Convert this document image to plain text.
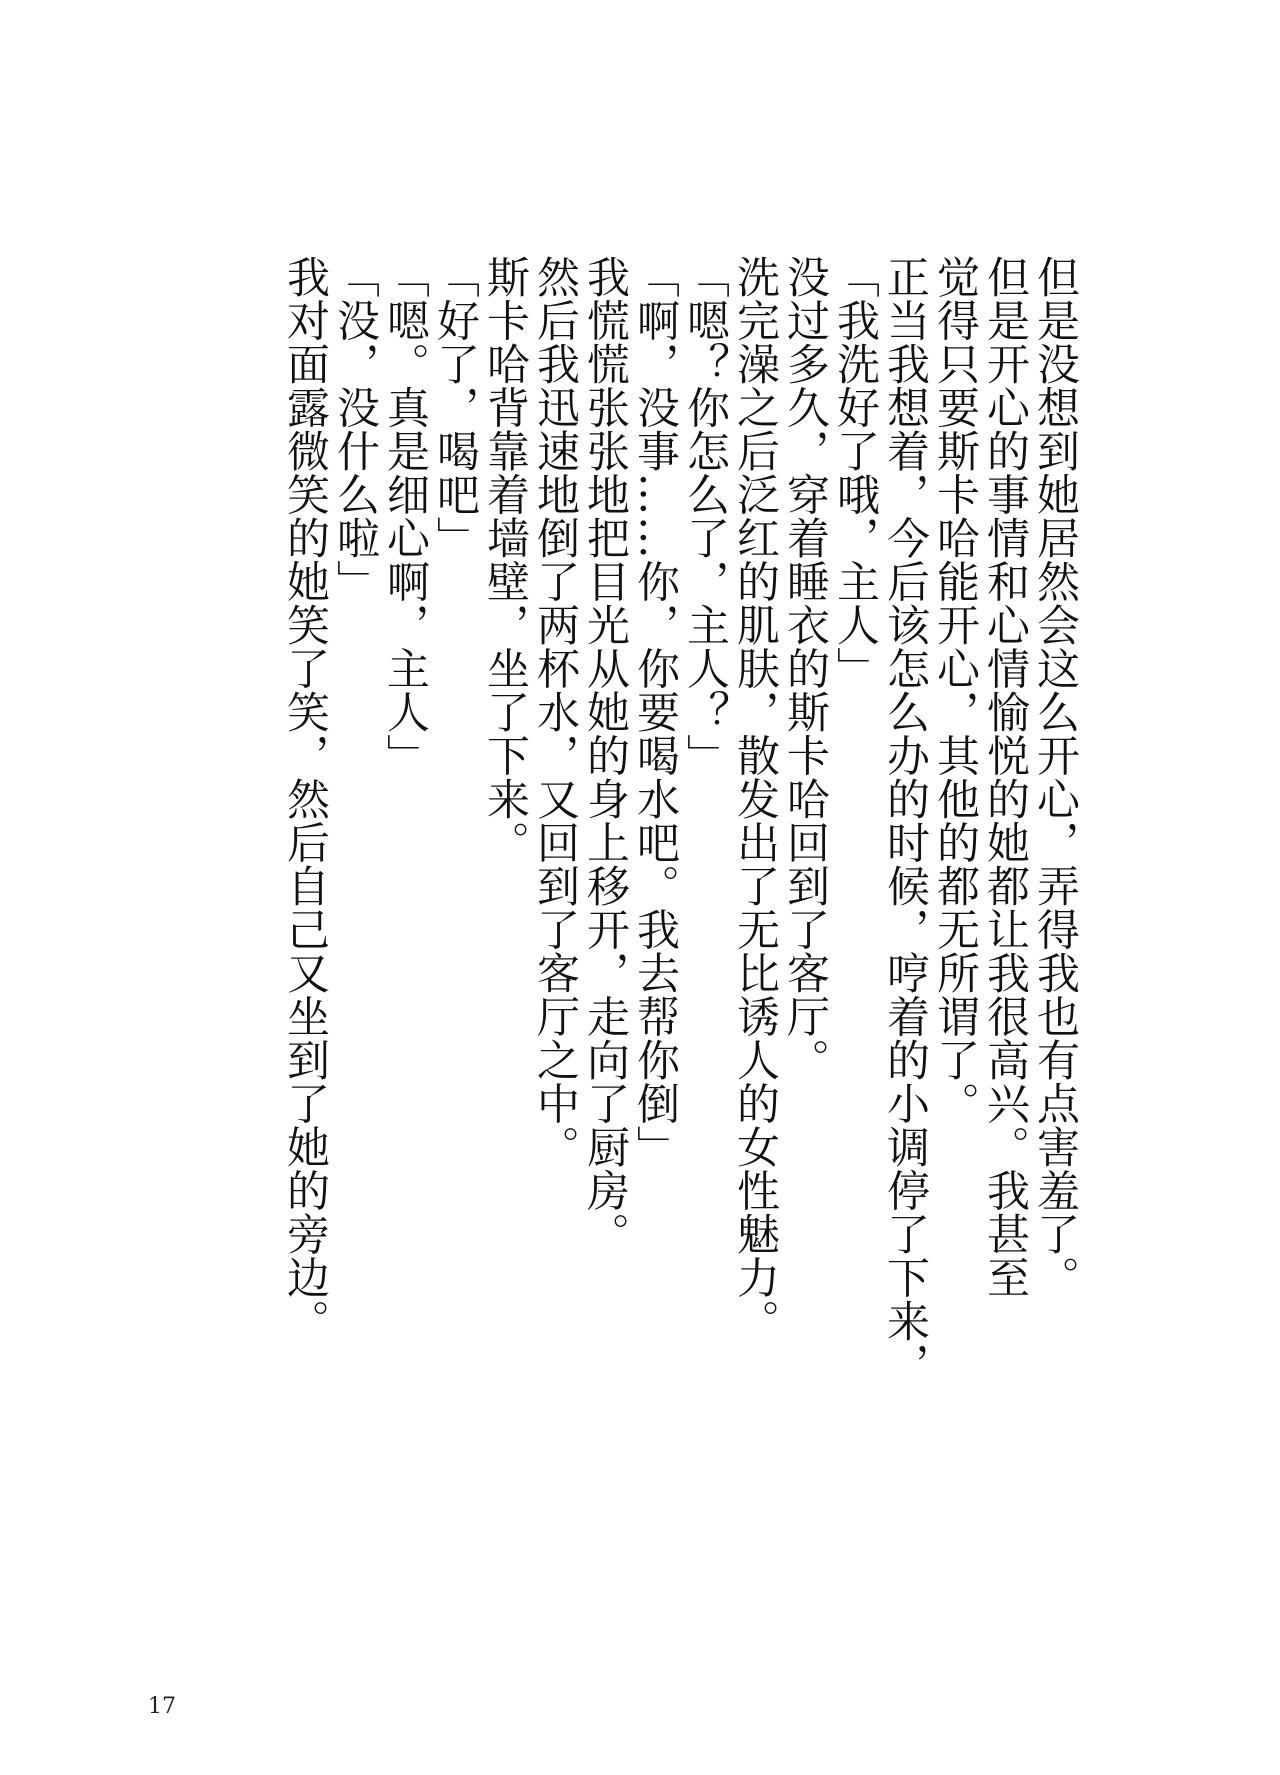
但是没想到她居然会这么开心，弄得我也有点害羞了。

但是开心的事情和心情愉悦的她都让我很高兴。我甚至

觉得只要斯卡哈能开心，其他的都无所谓了。

正当我想着，今后该怎么办的时候，哼着的小调停了下来，

「我洗好了哦，主人」

没过多久，穿着睡衣的斯卡哈回到了客厅。

洗完澡之后泛红的肌肤，散发出了无比诱人的女性魅力。

「嗯？你怎么了，主人？」

「啊，没事……你，你要喝水吧。我去帮你倒」

我慌慌张张地把目光从她的身上移开，走向了厨房。

然后我迅速地倒了两杯水，又回到了客厅之中。

斯卡哈背靠着墙壁，坐了下来。

「好了，喝吧」

「嗯。真是细心啊，主人」

「没，没什么啦」

我对面露微笑的她笑了笑，然后自己又坐到了她的旁边。

17
